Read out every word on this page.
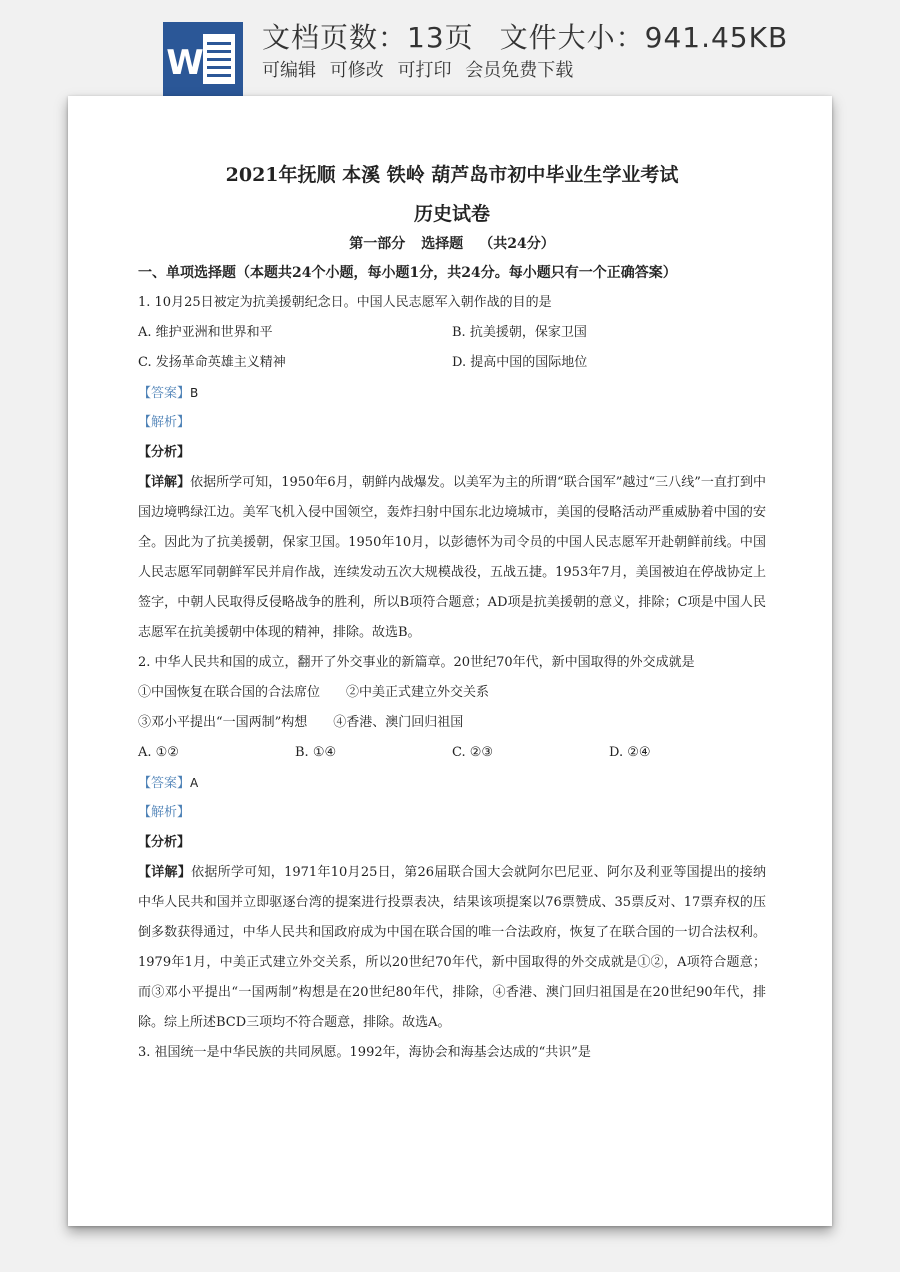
W
文档页数：13页 文件大小：941.45KB
可编辑 可修改 可打印 会员免费下载
2021年抚顺 本溪 铁岭 葫芦岛市初中毕业生学业考试
历史试卷
第一部分 选择题 （共24分）
一、单项选择题（本题共24个小题，每小题1分，共24分。每小题只有一个正确答案）
1. 10月25日被定为抗美援朝纪念日。中国人民志愿军入朝作战的目的是
A. 维护亚洲和世界和平	B. 抗美援朝，保家卫国
C. 发扬革命英雄主义精神	D. 提高中国的国际地位
【答案】B
【解析】
【分析】
【详解】依据所学可知，1950年6月，朝鲜内战爆发。以美军为主的所谓“联合国军”越过“三八线”一直打到中国边境鸭绿江边。美军飞机入侵中国领空，轰炸扫射中国东北边境城市，美国的侵略活动严重威胁着中国的安全。因此为了抗美援朝，保家卫国。1950年10月，以彭德怀为司令员的中国人民志愿军开赴朝鲜前线。中国人民志愿军同朝鲜军民并肩作战，连续发动五次大规模战役，五战五捷。1953年7月，美国被迫在停战协定上签字，中朝人民取得反侵略战争的胜利，所以B项符合题意；AD项是抗美援朝的意义，排除；C项是中国人民志愿军在抗美援朝中体现的精神，排除。故选B。
2. 中华人民共和国的成立，翻开了外交事业的新篇章。20世纪70年代，新中国取得的外交成就是
①中国恢复在联合国的合法席位　　②中美正式建立外交关系
③邓小平提出“一国两制”构想　　④香港、澳门回归祖国
A. ①②	B. ①④	C. ②③	D. ②④
【答案】A
【解析】
【分析】
【详解】依据所学可知，1971年10月25日，第26届联合国大会就阿尔巴尼亚、阿尔及利亚等国提出的接纳中华人民共和国并立即驱逐台湾的提案进行投票表决，结果该项提案以76票赞成、35票反对、17票弃权的压倒多数获得通过，中华人民共和国政府成为中国在联合国的唯一合法政府，恢复了在联合国的一切合法权利。1979年1月，中美正式建立外交关系，所以20世纪70年代，新中国取得的外交成就是①②，A项符合题意；而③邓小平提出“一国两制”构想是在20世纪80年代，排除，④香港、澳门回归祖国是在20世纪90年代，排除。综上所述BCD三项均不符合题意，排除。故选A。
3. 祖国统一是中华民族的共同夙愿。1992年，海协会和海基会达成的“共识”是
